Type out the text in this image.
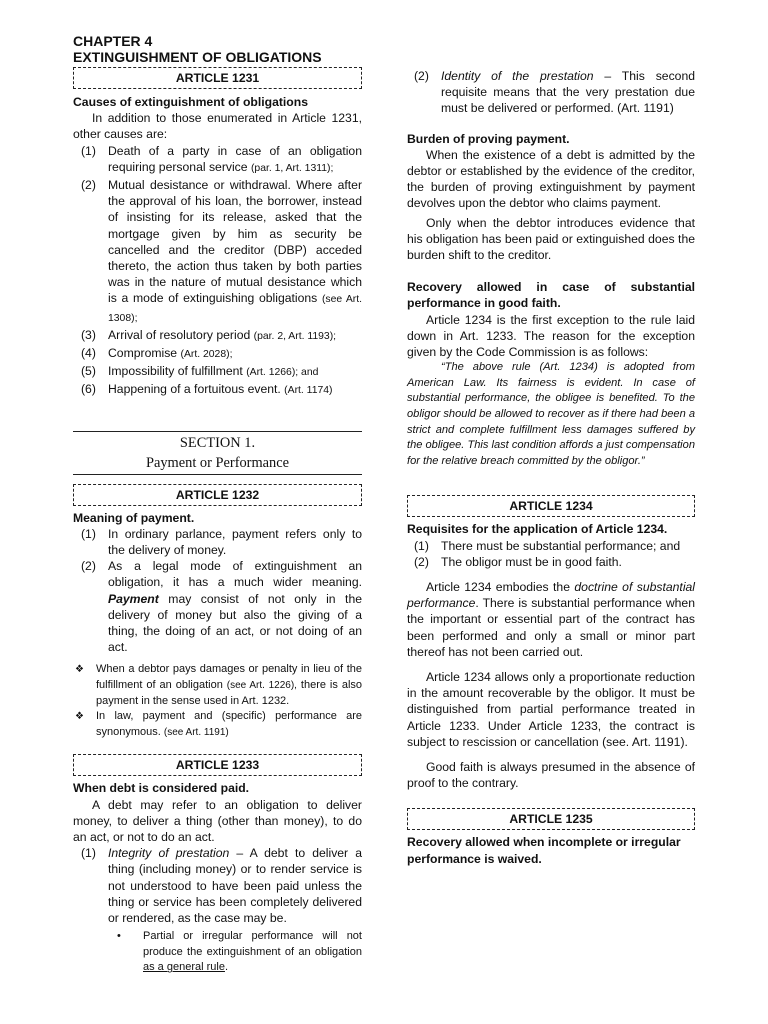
CHAPTER 4

EXTINGUISHMENT OF OBLIGATIONS

ARTICLE 1231

Causes of extinguishment of obligations

In addition to those enumerated in Article 1231, other causes are:

(1) Death of a party in case of an obligation requiring personal service (par. 1, Art. 1311);
(2) Mutual desistance or withdrawal. Where after the approval of his loan, the borrower, instead of insisting for its release, asked that the mortgage given by him as security be cancelled and the creditor (DBP) acceded thereto, the action thus taken by both parties was in the nature of mutual desistance which is a mode of extinguishing obligations (see Art. 1308);
(3) Arrival of resolutory period (par. 2, Art. 1193);
(4) Compromise (Art. 2028);
(5) Impossibility of fulfillment (Art. 1266); and
(6) Happening of a fortuitous event. (Art. 1174)
SECTION 1.
Payment or Performance
ARTICLE 1232

Meaning of payment.

(1) In ordinary parlance, payment refers only to the delivery of money.
(2) As a legal mode of extinguishment an obligation, it has a much wider meaning. Payment may consist of not only in the delivery of money but also the giving of a thing, the doing of an act, or not doing of an act.
❖	When a debtor pays damages or penalty in lieu of the fulfillment of an obligation (see Art. 1226), there is also payment in the sense used in Art. 1232.
❖	In law, payment and (specific) performance are synonymous. (see Art. 1191)
ARTICLE 1233

When debt is considered paid.

A debt may refer to an obligation to deliver money, to deliver a thing (other than money), to do an act, or not to do an act.

(1) Integrity of prestation – A debt to deliver a thing (including money) or to render service is not understood to have been paid unless the thing or service has been completely delivered or rendered, as the case may be.
•	Partial or irregular performance will not produce the extinguishment of an obligation as a general rule.
(2) Identity of the prestation – This second requisite means that the very prestation due must be delivered or performed. (Art. 1191)

Burden of proving payment.

When the existence of a debt is admitted by the debtor or established by the evidence of the creditor, the burden of proving extinguishment by payment devolves upon the debtor who claims payment.

Only when the debtor introduces evidence that his obligation has been paid or extinguished does the burden shift to the creditor.

Recovery allowed in case of substantial performance in good faith.

Article 1234 is the first exception to the rule laid down in Art. 1233. The reason for the exception given by the Code Commission is as follows:

“The above rule (Art. 1234) is adopted from American Law. Its fairness is evident. In case of substantial performance, the obligee is benefited. To the obligor should be allowed to recover as if there had been a strict and complete fulfillment less damages suffered by the obligee. This last condition affords a just compensation for the relative breach committed by the obligor.”

ARTICLE 1234

Requisites for the application of Article 1234.

(1) There must be substantial performance; and
(2) The obligor must be in good faith.

Article 1234 embodies the doctrine of substantial performance. There is substantial performance when the important or essential part of the contract has been performed and only a small or minor part thereof has not been carried out.

Article 1234 allows only a proportionate reduction in the amount recoverable by the obligor. It must be distinguished from partial performance treated in Article 1233. Under Article 1233, the contract is subject to rescission or cancellation (see. Art. 1191).

Good faith is always presumed in the absence of proof to the contrary.

ARTICLE 1235

Recovery allowed when incomplete or irregular performance is waived.
